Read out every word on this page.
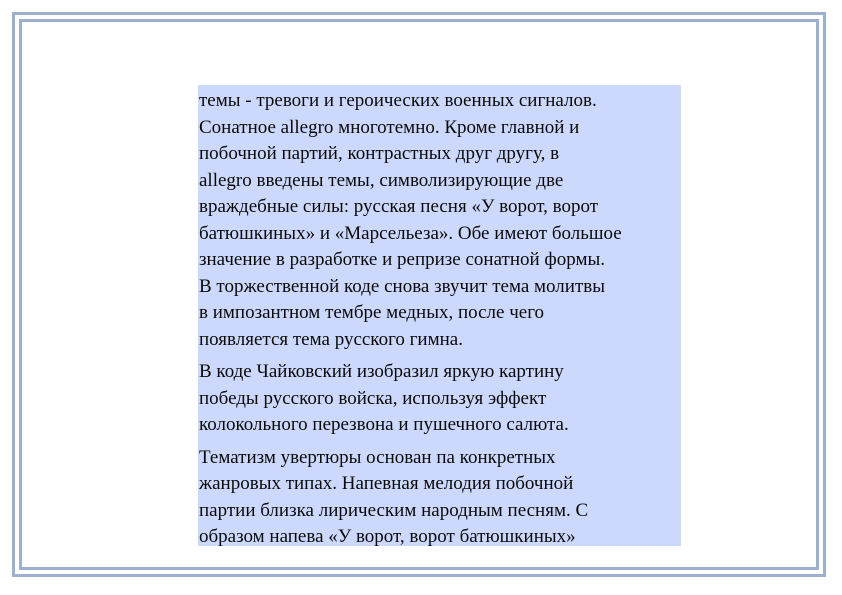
темы - тревоги и героических военных сигналов.
Сонатное allegro многотемно. Кроме главной и
побочной партий, контрастных друг другу, в
allegro введены темы, символизирующие две
враждебные силы: русская песня «У ворот, ворот
батюшкиных» и «Марсельеза». Обе имеют большое
значение в разработке и репризе сонатной формы.
В торжественной коде снова звучит тема молитвы
в импозантном тембре медных, после чего
появляется тема русского гимна.

В коде Чайковский изобразил яркую картину
победы русского войска, используя эффект
колокольного перезвона и пушечного салюта.

Тематизм увертюры основан па конкретных
жанровых типах. Напевная мелодия побочной
партии близка лирическим народным песням. С
образом напева «У ворот, ворот батюшкиных»
